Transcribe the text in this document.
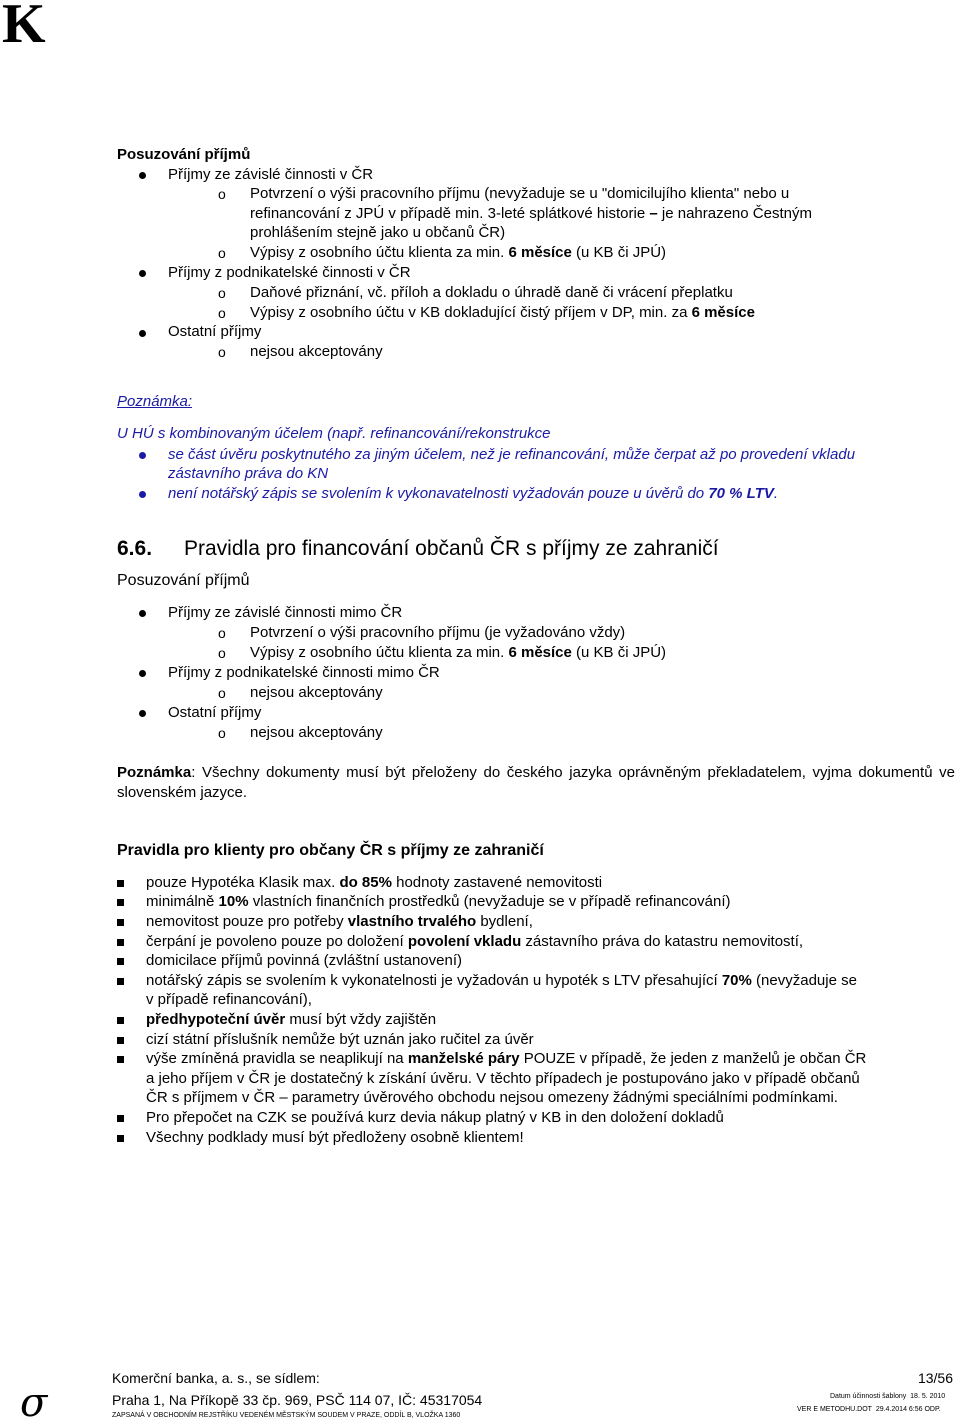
K
Posuzování příjmů
Příjmy ze závislé činnosti v ČR
o Potvrzení o výši pracovního příjmu (nevyžaduje se u "domicilujího klienta" nebo u
refinancování z JPÚ v případě min. 3-leté splátkové historie – je nahrazeno Čestným
prohlášením stejně jako u občanů ČR)
o Výpisy z osobního účtu klienta za min. 6 měsíce (u KB či JPÚ)
Příjmy z podnikatelské činnosti v ČR
o Daňové přiznání, vč. příloh a dokladu o úhradě daně či vrácení přeplatku
o Výpisy z osobního účtu v KB dokladující čistý příjem v DP, min. za 6 měsíce
Ostatní příjmy
o nejsou akceptovány
Poznámka:
U HÚ s kombinovaným účelem (např. refinancování/rekonstrukce
se část úvěru poskytnutého za jiným účelem, než je refinancování, může čerpat až po provedení vkladu
zástavního práva do KN
není notářský zápis se svolením k vykonavatelnosti vyžadován pouze u úvěrů do 70 % LTV.
6.6. Pravidla pro financování občanů ČR s příjmy ze zahraničí
Posuzování příjmů
Příjmy ze závislé činnosti mimo ČR
o Potvrzení o výši pracovního příjmu (je vyžadováno vždy)
o Výpisy z osobního účtu klienta za min. 6 měsíce (u KB či JPÚ)
Příjmy z podnikatelské činnosti mimo ČR
o nejsou akceptovány
Ostatní příjmy
o nejsou akceptovány
Poznámka: Všechny dokumenty musí být přeloženy do českého jazyka oprávněným překladatelem, vyjma dokumentů ve slovenském jazyce.
Pravidla pro klienty pro občany ČR s příjmy ze zahraničí
pouze Hypotéka Klasik max. do 85% hodnoty zastavené nemovitosti
minimálně 10% vlastních finančních prostředků (nevyžaduje se v případě refinancování)
nemovitost pouze pro potřeby vlastního trvalého bydlení,
čerpání je povoleno pouze po doložení povolení vkladu zástavního práva do katastru nemovitostí,
domicilace příjmů povinná (zvláštní ustanovení)
notářský zápis se svolením k vykonatelnosti je vyžadován u hypoték s LTV přesahující 70% (nevyžaduje se
v případě refinancování),
předhypoteční úvěr musí být vždy zajištěn
cizí státní příslušník nemůže být uznán jako ručitel za úvěr
výše zmíněná pravidla se neaplikují na manželské páry POUZE v případě, že jeden z manželů je občan ČR
a jeho příjem v ČR je dostatečný k získání úvěru. V těchto případech je postupováno jako v případě občanů
ČR s příjmem v ČR – parametry úvěrového obchodu nejsou omezeny žádnými speciálními podmínkami.
Pro přepočet na CZK se používá kurz devia nákup platný v KB in den doložení dokladů
Všechny podklady musí být předloženy osobně klientem!
σ
Komerční banka, a. s., se sídlem:
Praha 1, Na Příkopě 33 čp. 969, PSČ 114 07, IČ: 45317054
ZAPSANÁ V OBCHODNÍM REJSTŘÍKU VEDENÉM MĚSTSKÝM SOUDEM V PRAZE, ODDÍL B, VLOŽKA 1360
13/56
Datum účinnosti šablony 18. 5. 2010
VER E METODHU.DOT 29.4.2014 6:56 ODP.
